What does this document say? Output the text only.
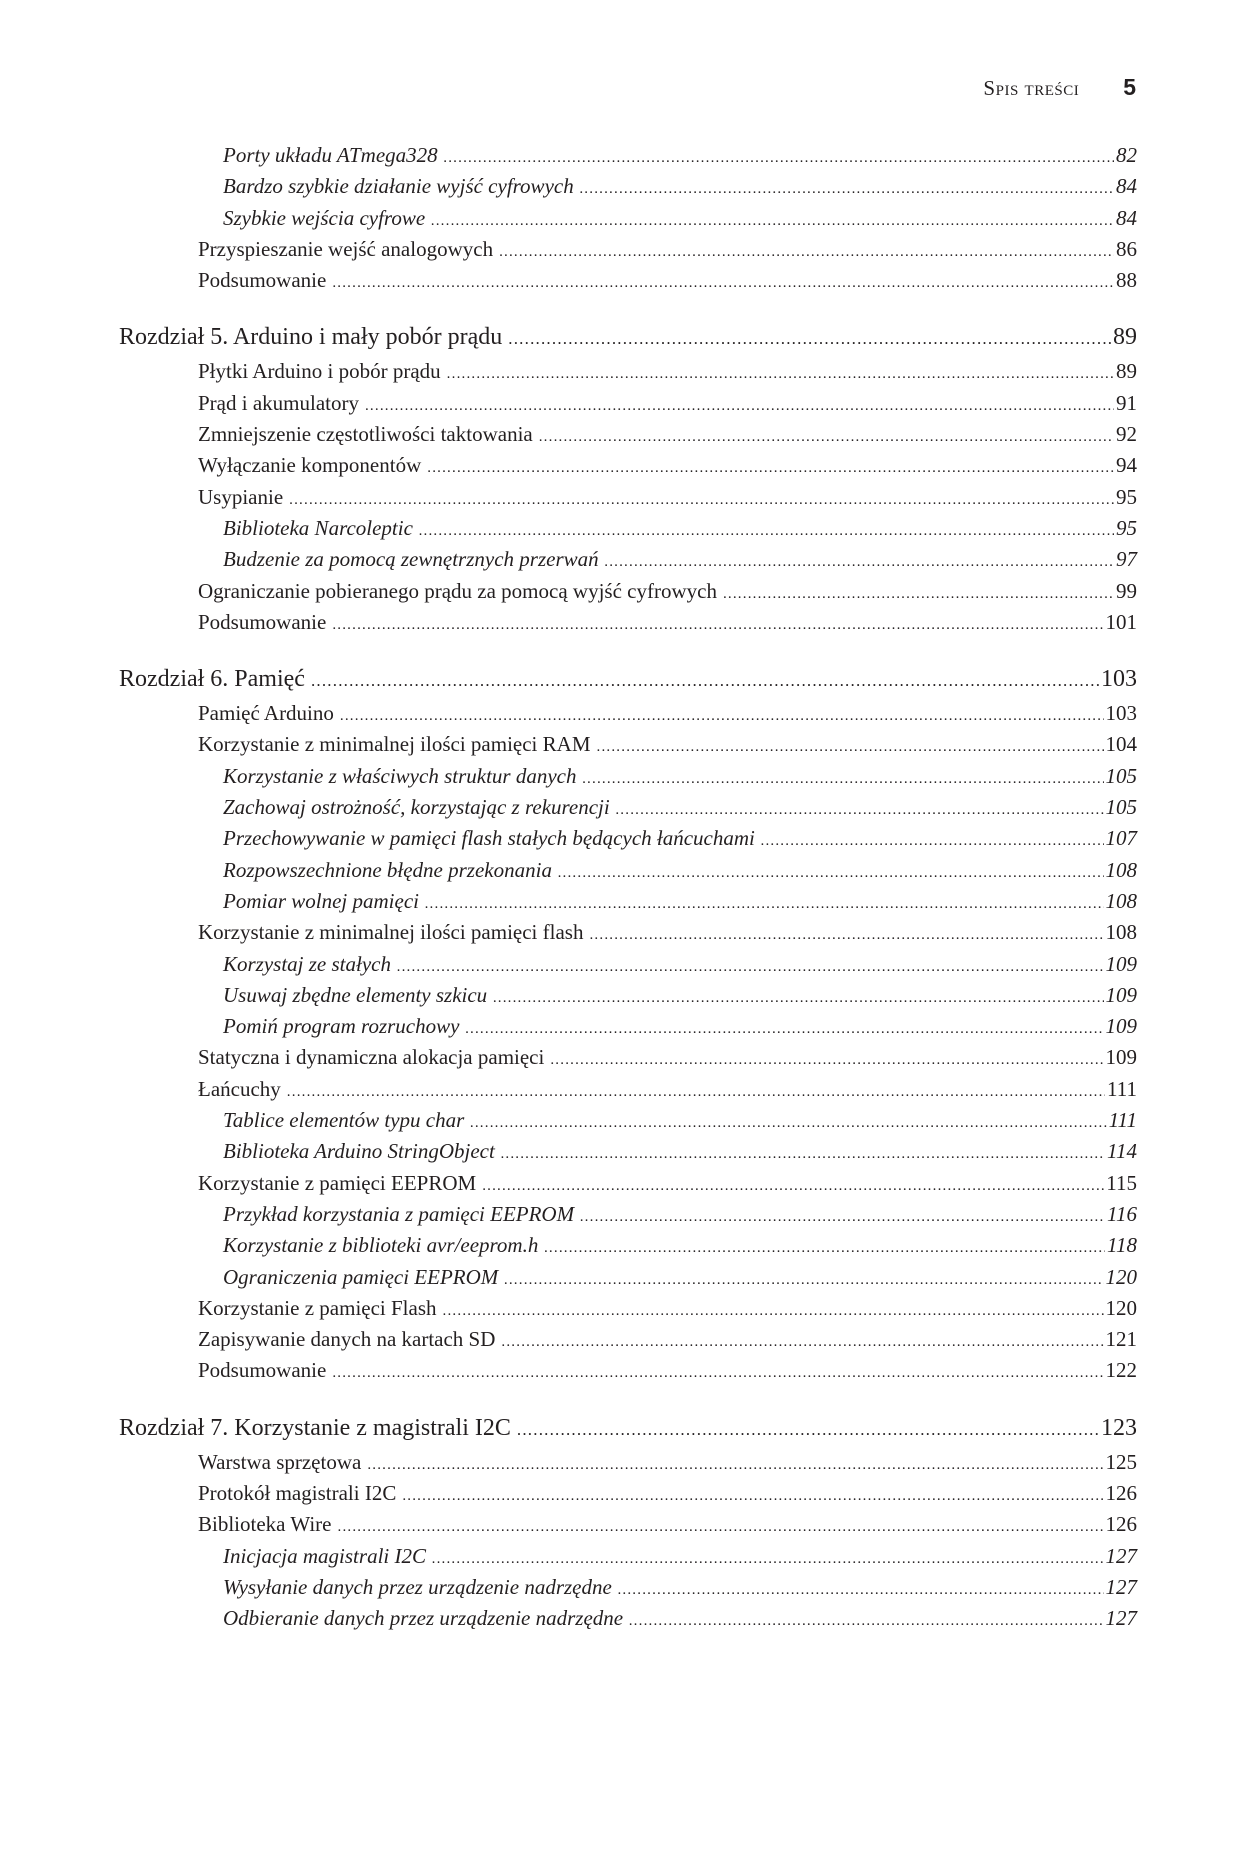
Spis treści 5
Porty układu ATmega328 .....	82
Bardzo szybkie działanie wyjść cyfrowych .....	84
Szybkie wejścia cyfrowe .....	84
Przyspieszanie wejść analogowych .....	86
Podsumowanie .....	88
Rozdział 5. Arduino i mały pobór prądu .....	89
Płytki Arduino i pobór prądu .....	89
Prąd i akumulatory .....	91
Zmniejszenie częstotliwości taktowania .....	92
Wyłączanie komponentów .....	94
Usypianie .....	95
Biblioteka Narcoleptic .....	95
Budzenie za pomocą zewnętrznych przerwań .....	97
Ograniczanie pobieranego prądu za pomocą wyjść cyfrowych .....	99
Podsumowanie .....	101
Rozdział 6. Pamięć .....	103
Pamięć Arduino .....	103
Korzystanie z minimalnej ilości pamięci RAM .....	104
Korzystanie z właściwych struktur danych .....	105
Zachowaj ostrożność, korzystając z rekurencji .....	105
Przechowywanie w pamięci flash stałych będących łańcuchami .....	107
Rozpowszechnione błędne przekonania .....	108
Pomiar wolnej pamięci .....	108
Korzystanie z minimalnej ilości pamięci flash .....	108
Korzystaj ze stałych .....	109
Usuwaj zbędne elementy szkicu .....	109
Pomiń program rozruchowy .....	109
Statyczna i dynamiczna alokacja pamięci .....	109
Łańcuchy .....	111
Tablice elementów typu char .....	111
Biblioteka Arduino StringObject .....	114
Korzystanie z pamięci EEPROM .....	115
Przykład korzystania z pamięci EEPROM .....	116
Korzystanie z biblioteki avr/eeprom.h .....	118
Ograniczenia pamięci EEPROM .....	120
Korzystanie z pamięci Flash .....	120
Zapisywanie danych na kartach SD .....	121
Podsumowanie .....	122
Rozdział 7. Korzystanie z magistrali I2C .....	123
Warstwa sprzętowa .....	125
Protokół magistrali I2C .....	126
Biblioteka Wire .....	126
Inicjacja magistrali I2C .....	127
Wysyłanie danych przez urządzenie nadrzędne .....	127
Odbieranie danych przez urządzenie nadrzędne .....	127
